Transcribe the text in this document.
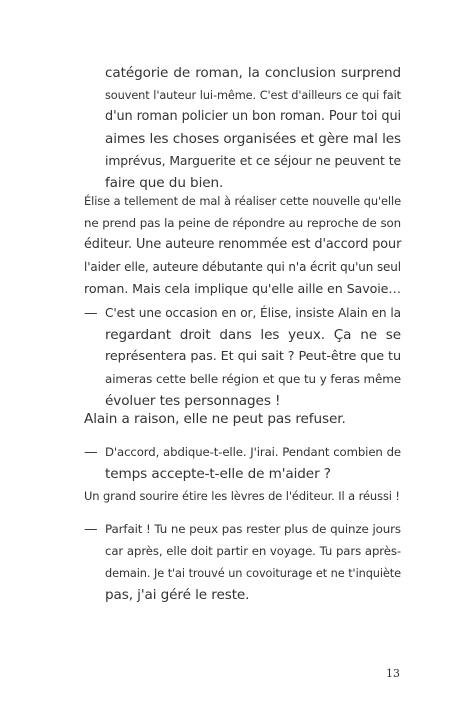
catégorie de roman, la conclusion surprend
souvent l'auteur lui-même. C'est d'ailleurs ce qui fait
d'un roman policier un bon roman. Pour toi qui
aimes les choses organisées et gère mal les
imprévus, Marguerite et ce séjour ne peuvent te
faire que du bien.
Élise a tellement de mal à réaliser cette nouvelle qu'elle
ne prend pas la peine de répondre au reproche de son
éditeur. Une auteure renommée est d'accord pour
l'aider elle, auteure débutante qui n'a écrit qu'un seul
roman. Mais cela implique qu'elle aille en Savoie…
— C'est une occasion en or, Élise, insiste Alain en la
regardant droit dans les yeux. Ça ne se
représentera pas. Et qui sait ? Peut-être que tu
aimeras cette belle région et que tu y feras même
évoluer tes personnages !
Alain a raison, elle ne peut pas refuser.
— D'accord, abdique-t-elle. J'irai. Pendant combien de
temps accepte-t-elle de m'aider ?
Un grand sourire étire les lèvres de l'éditeur. Il a réussi !
— Parfait ! Tu ne peux pas rester plus de quinze jours
car après, elle doit partir en voyage. Tu pars après-
demain. Je t'ai trouvé un covoiturage et ne t'inquiète
pas, j'ai géré le reste.
13
